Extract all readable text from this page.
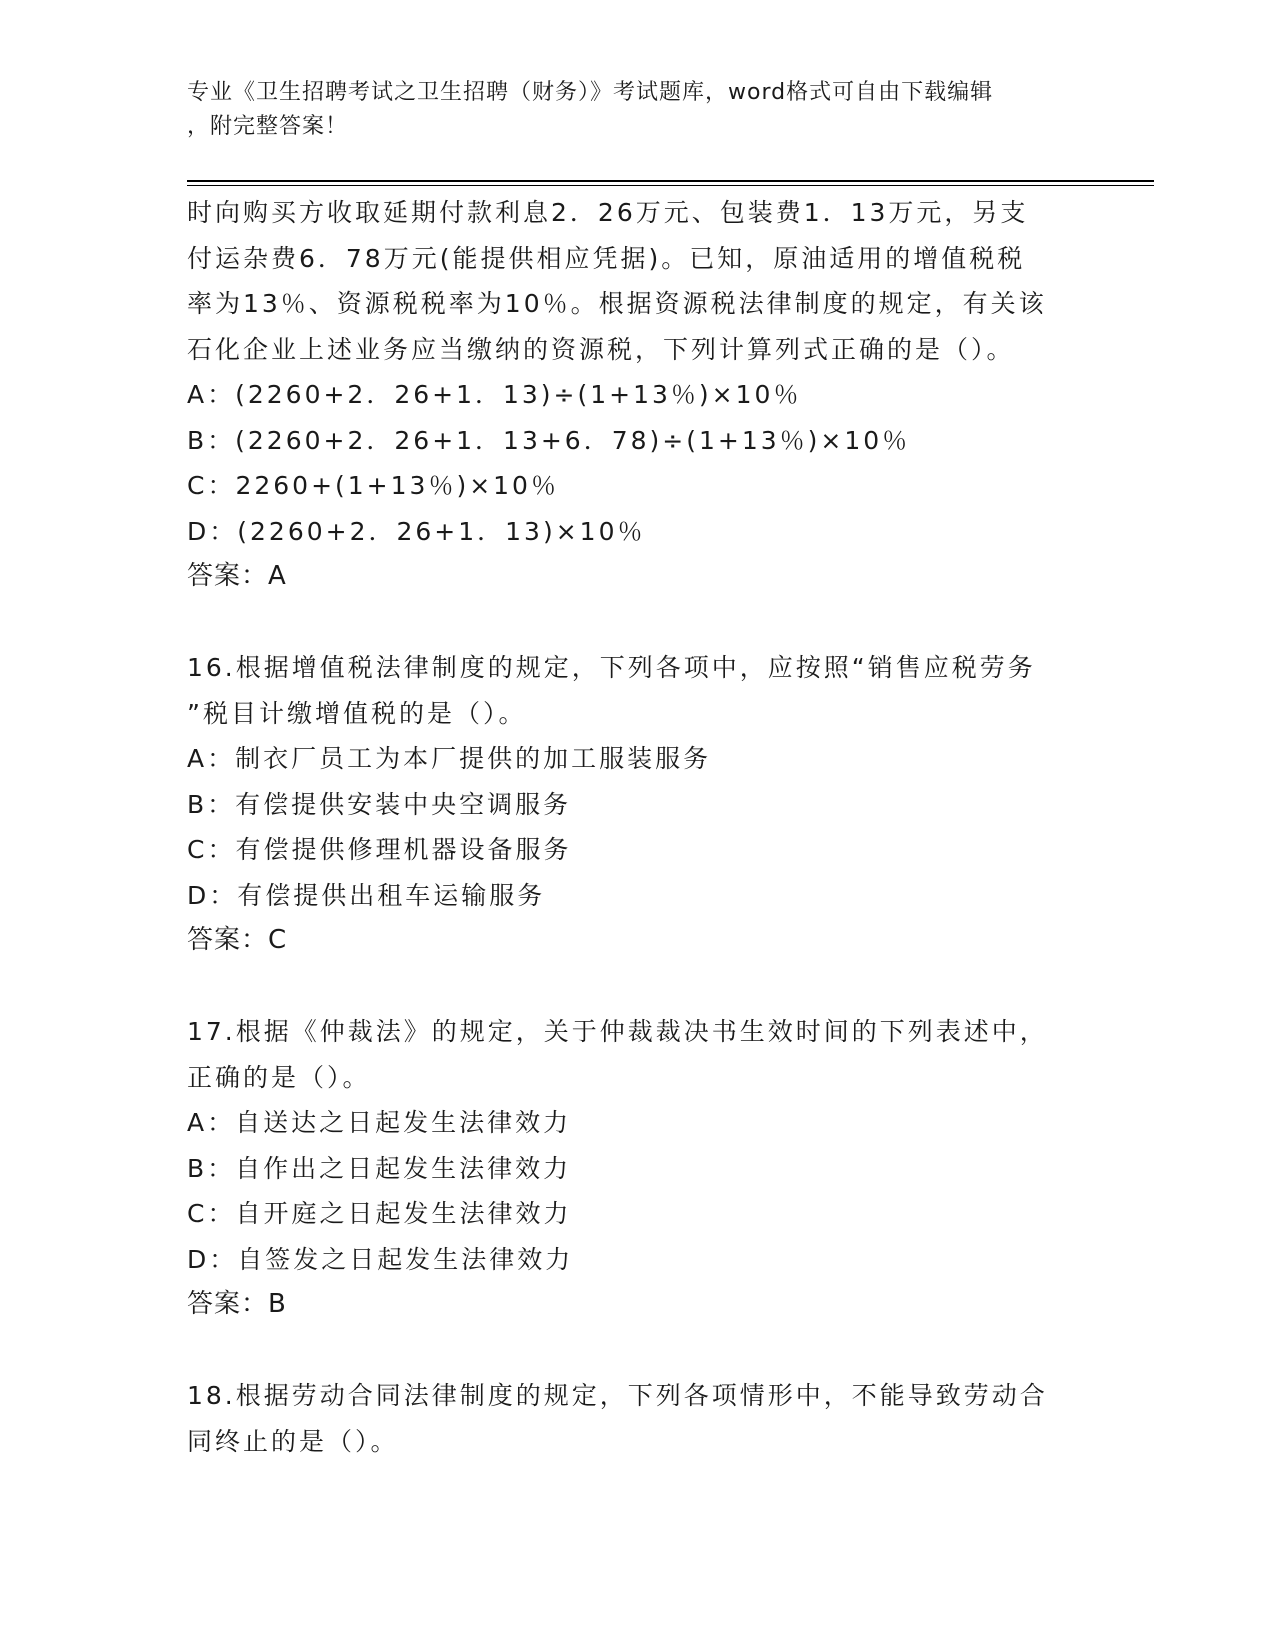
专业《卫生招聘考试之卫生招聘（财务）》考试题库，word格式可自由下载编辑
，附完整答案！
时向购买方收取延期付款利息2．26万元、包装费1．13万元，另支
付运杂费6．78万元(能提供相应凭据)。已知，原油适用的增值税税
率为13％、资源税税率为10％。根据资源税法律制度的规定，有关该
石化企业上述业务应当缴纳的资源税，下列计算列式正确的是（）。
A：(2260+2．26+1．13)÷(1+13％)×10％
B：(2260+2．26+1．13+6．78)÷(1+13％)×10％
C：2260+(1+13％)×10％
D：(2260+2．26+1．13)×10％
答案：A
16.根据增值税法律制度的规定，下列各项中，应按照“销售应税劳务
”税目计缴增值税的是（）。
A：制衣厂员工为本厂提供的加工服装服务
B：有偿提供安装中央空调服务
C：有偿提供修理机器设备服务
D：有偿提供出租车运输服务
答案：C
17.根据《仲裁法》的规定，关于仲裁裁决书生效时间的下列表述中，
正确的是（）。
A：自送达之日起发生法律效力
B：自作出之日起发生法律效力
C：自开庭之日起发生法律效力
D：自签发之日起发生法律效力
答案：B
18.根据劳动合同法律制度的规定，下列各项情形中，不能导致劳动合
同终止的是（）。
